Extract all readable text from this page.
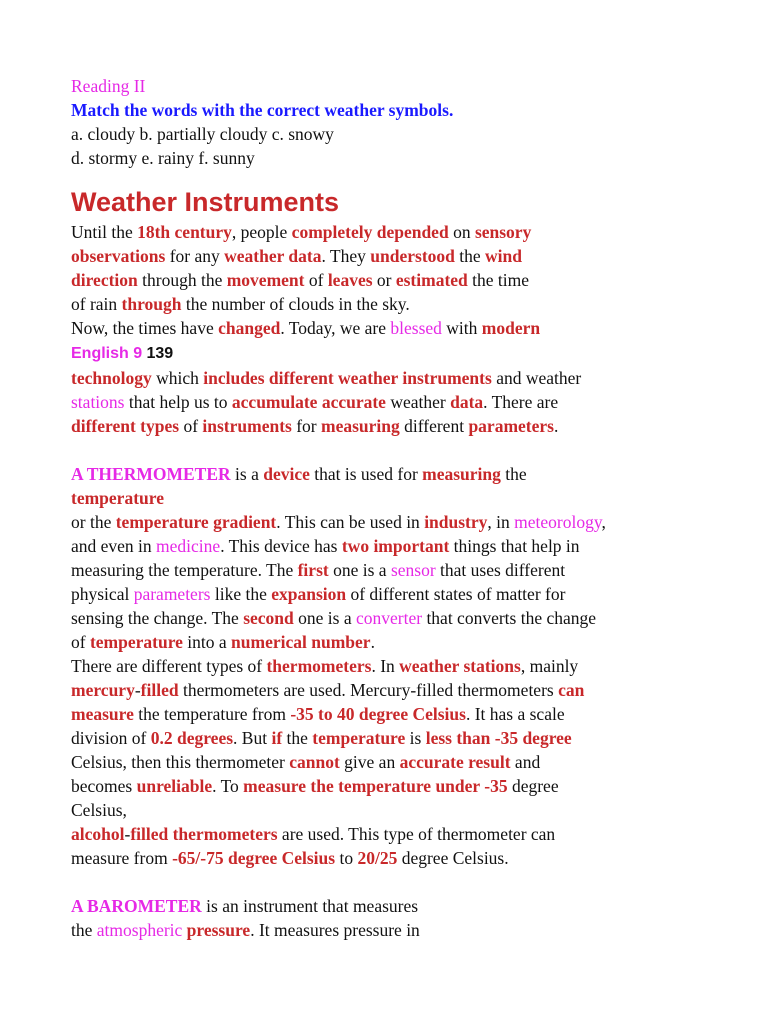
Reading II
Match the words with the correct weather symbols.
a. cloudy b. partially cloudy c. snowy
d. stormy e. rainy f. sunny
Weather Instruments
Until the 18th century, people completely depended on sensory
observations for any weather data. They understood the wind
direction through the movement of leaves or estimated the time
of rain through the number of clouds in the sky.
Now, the times have changed. Today, we are blessed with modern
English 9 139
technology which includes different weather instruments and weather
stations that help us to accumulate accurate weather data. There are
different types of instruments for measuring different parameters.
A THERMOMETER is a device that is used for measuring the
temperature
or the temperature gradient. This can be used in industry, in meteorology,
and even in medicine. This device has two important things that help in
measuring the temperature. The first one is a sensor that uses different
physical parameters like the expansion of different states of matter for
sensing the change. The second one is a converter that converts the change
of temperature into a numerical number.
There are different types of thermometers. In weather stations, mainly
mercury-filled thermometers are used. Mercury-filled thermometers can
measure the temperature from -35 to 40 degree Celsius. It has a scale
division of 0.2 degrees. But if the temperature is less than -35 degree
Celsius, then this thermometer cannot give an accurate result and
becomes unreliable. To measure the temperature under -35 degree
Celsius,
alcohol-filled thermometers are used. This type of thermometer can
measure from -65/-75 degree Celsius to 20/25 degree Celsius.
A BAROMETER is an instrument that measures
the atmospheric pressure. It measures pressure in
